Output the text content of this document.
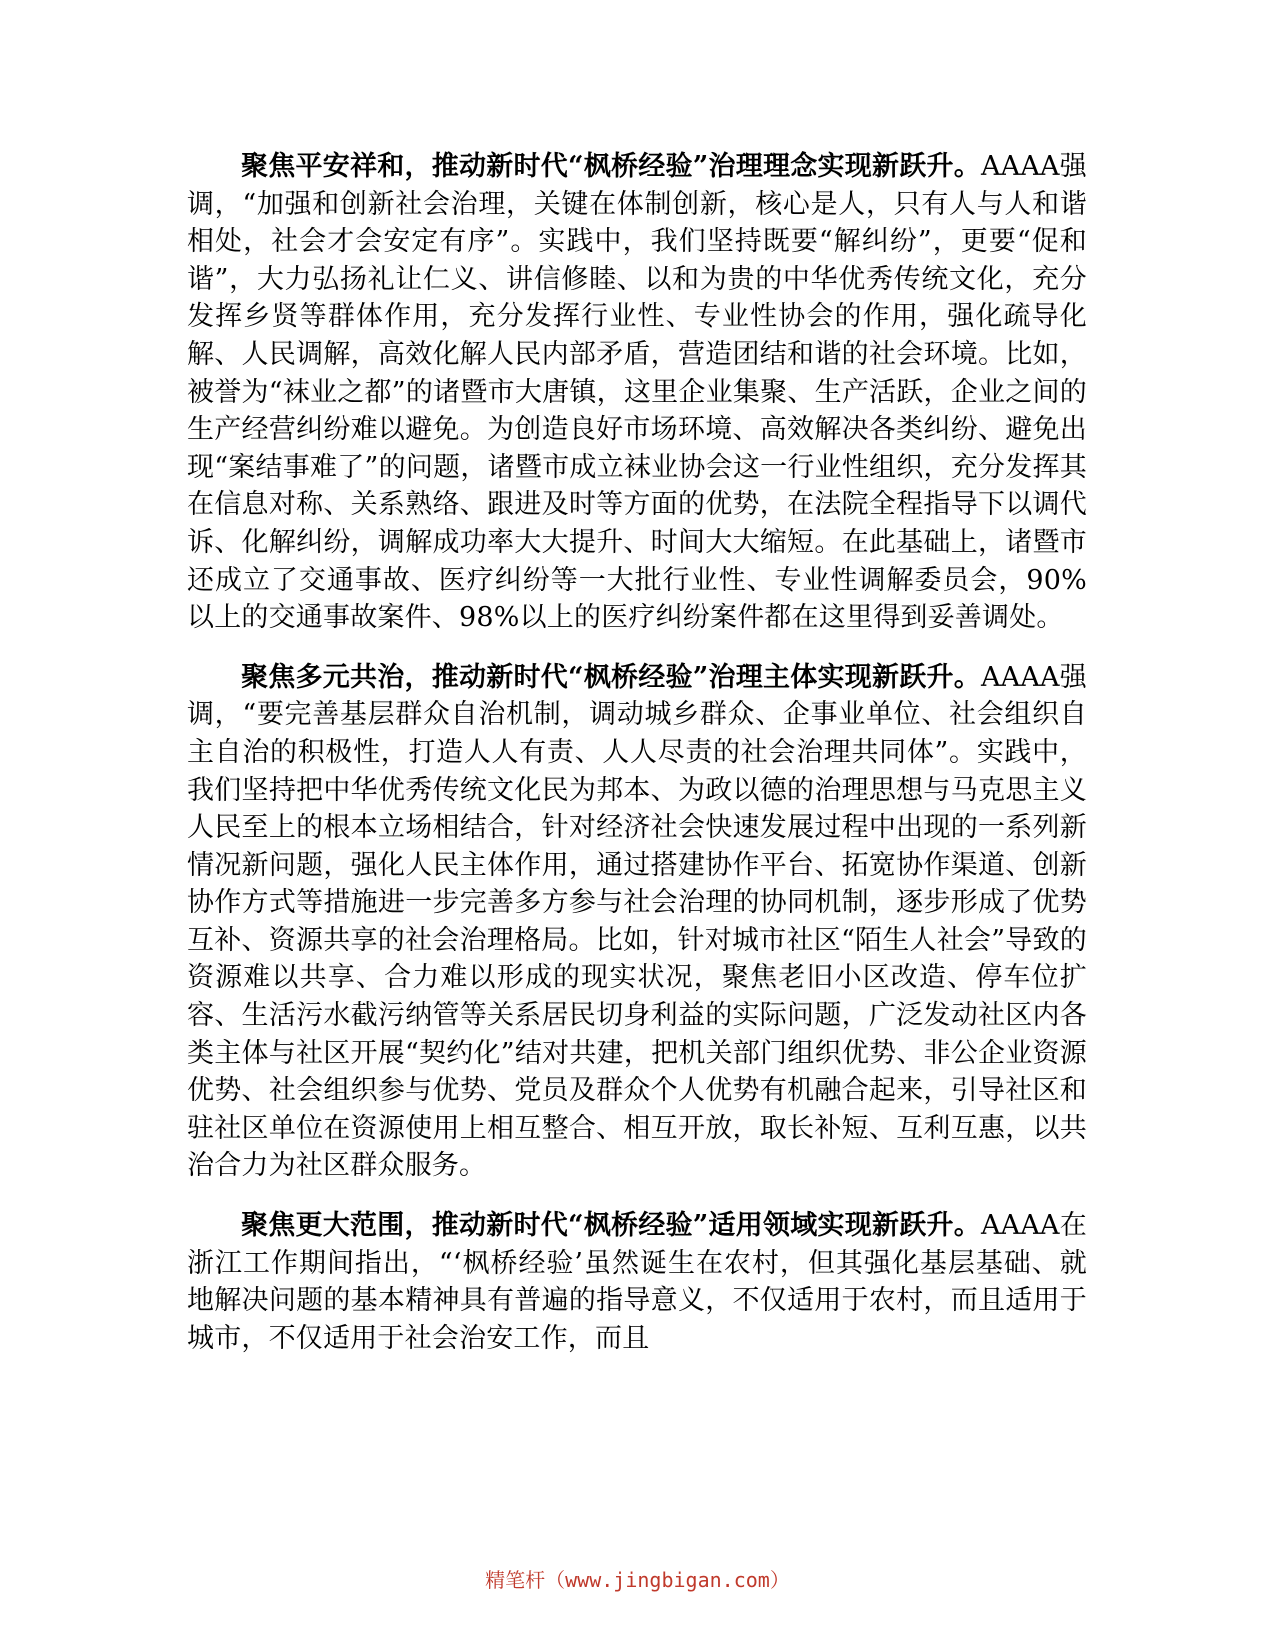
聚焦平安祥和，推动新时代“枫桥经验”治理理念实现新跃升。AAAA强调，“加强和创新社会治理，关键在体制创新，核心是人，只有人与人和谐相处，社会才会安定有序”。实践中，我们坚持既要“解纠纷”，更要“促和谐”，大力弘扬礼让仁义、讲信修睦、以和为贵的中华优秀传统文化，充分发挥乡贤等群体作用，充分发挥行业性、专业性协会的作用，强化疏导化解、人民调解，高效化解人民内部矛盾，营造团结和谐的社会环境。比如，被誉为“袜业之都”的诸暨市大唐镇，这里企业集聚、生产活跃，企业之间的生产经营纠纷难以避免。为创造良好市场环境、高效解决各类纠纷、避免出现“案结事难了”的问题，诸暨市成立袜业协会这一行业性组织，充分发挥其在信息对称、关系熟络、跟进及时等方面的优势，在法院全程指导下以调代诉、化解纠纷，调解成功率大大提升、时间大大缩短。在此基础上，诸暨市还成立了交通事故、医疗纠纷等一大批行业性、专业性调解委员会，90%以上的交通事故案件、98%以上的医疗纠纷案件都在这里得到妥善调处。

聚焦多元共治，推动新时代“枫桥经验”治理主体实现新跃升。AAAA强调，“要完善基层群众自治机制，调动城乡群众、企事业单位、社会组织自主自治的积极性，打造人人有责、人人尽责的社会治理共同体”。实践中，我们坚持把中华优秀传统文化民为邦本、为政以德的治理思想与马克思主义人民至上的根本立场相结合，针对经济社会快速发展过程中出现的一系列新情况新问题，强化人民主体作用，通过搭建协作平台、拓宽协作渠道、创新协作方式等措施进一步完善多方参与社会治理的协同机制，逐步形成了优势互补、资源共享的社会治理格局。比如，针对城市社区“陌生人社会”导致的资源难以共享、合力难以形成的现实状况，聚焦老旧小区改造、停车位扩容、生活污水截污纳管等关系居民切身利益的实际问题，广泛发动社区内各类主体与社区开展“契约化”结对共建，把机关部门组织优势、非公企业资源优势、社会组织参与优势、党员及群众个人优势有机融合起来，引导社区和驻社区单位在资源使用上相互整合、相互开放，取长补短、互利互惠，以共治合力为社区群众服务。

聚焦更大范围，推动新时代“枫桥经验”适用领域实现新跃升。AAAA在浙江工作期间指出，“‘枫桥经验’虽然诞生在农村，但其强化基层基础、就地解决问题的基本精神具有普遍的指导意义，不仅适用于农村，而且适用于城市，不仅适用于社会治安工作，而且

精笔杆（www.jingbigan.com）
